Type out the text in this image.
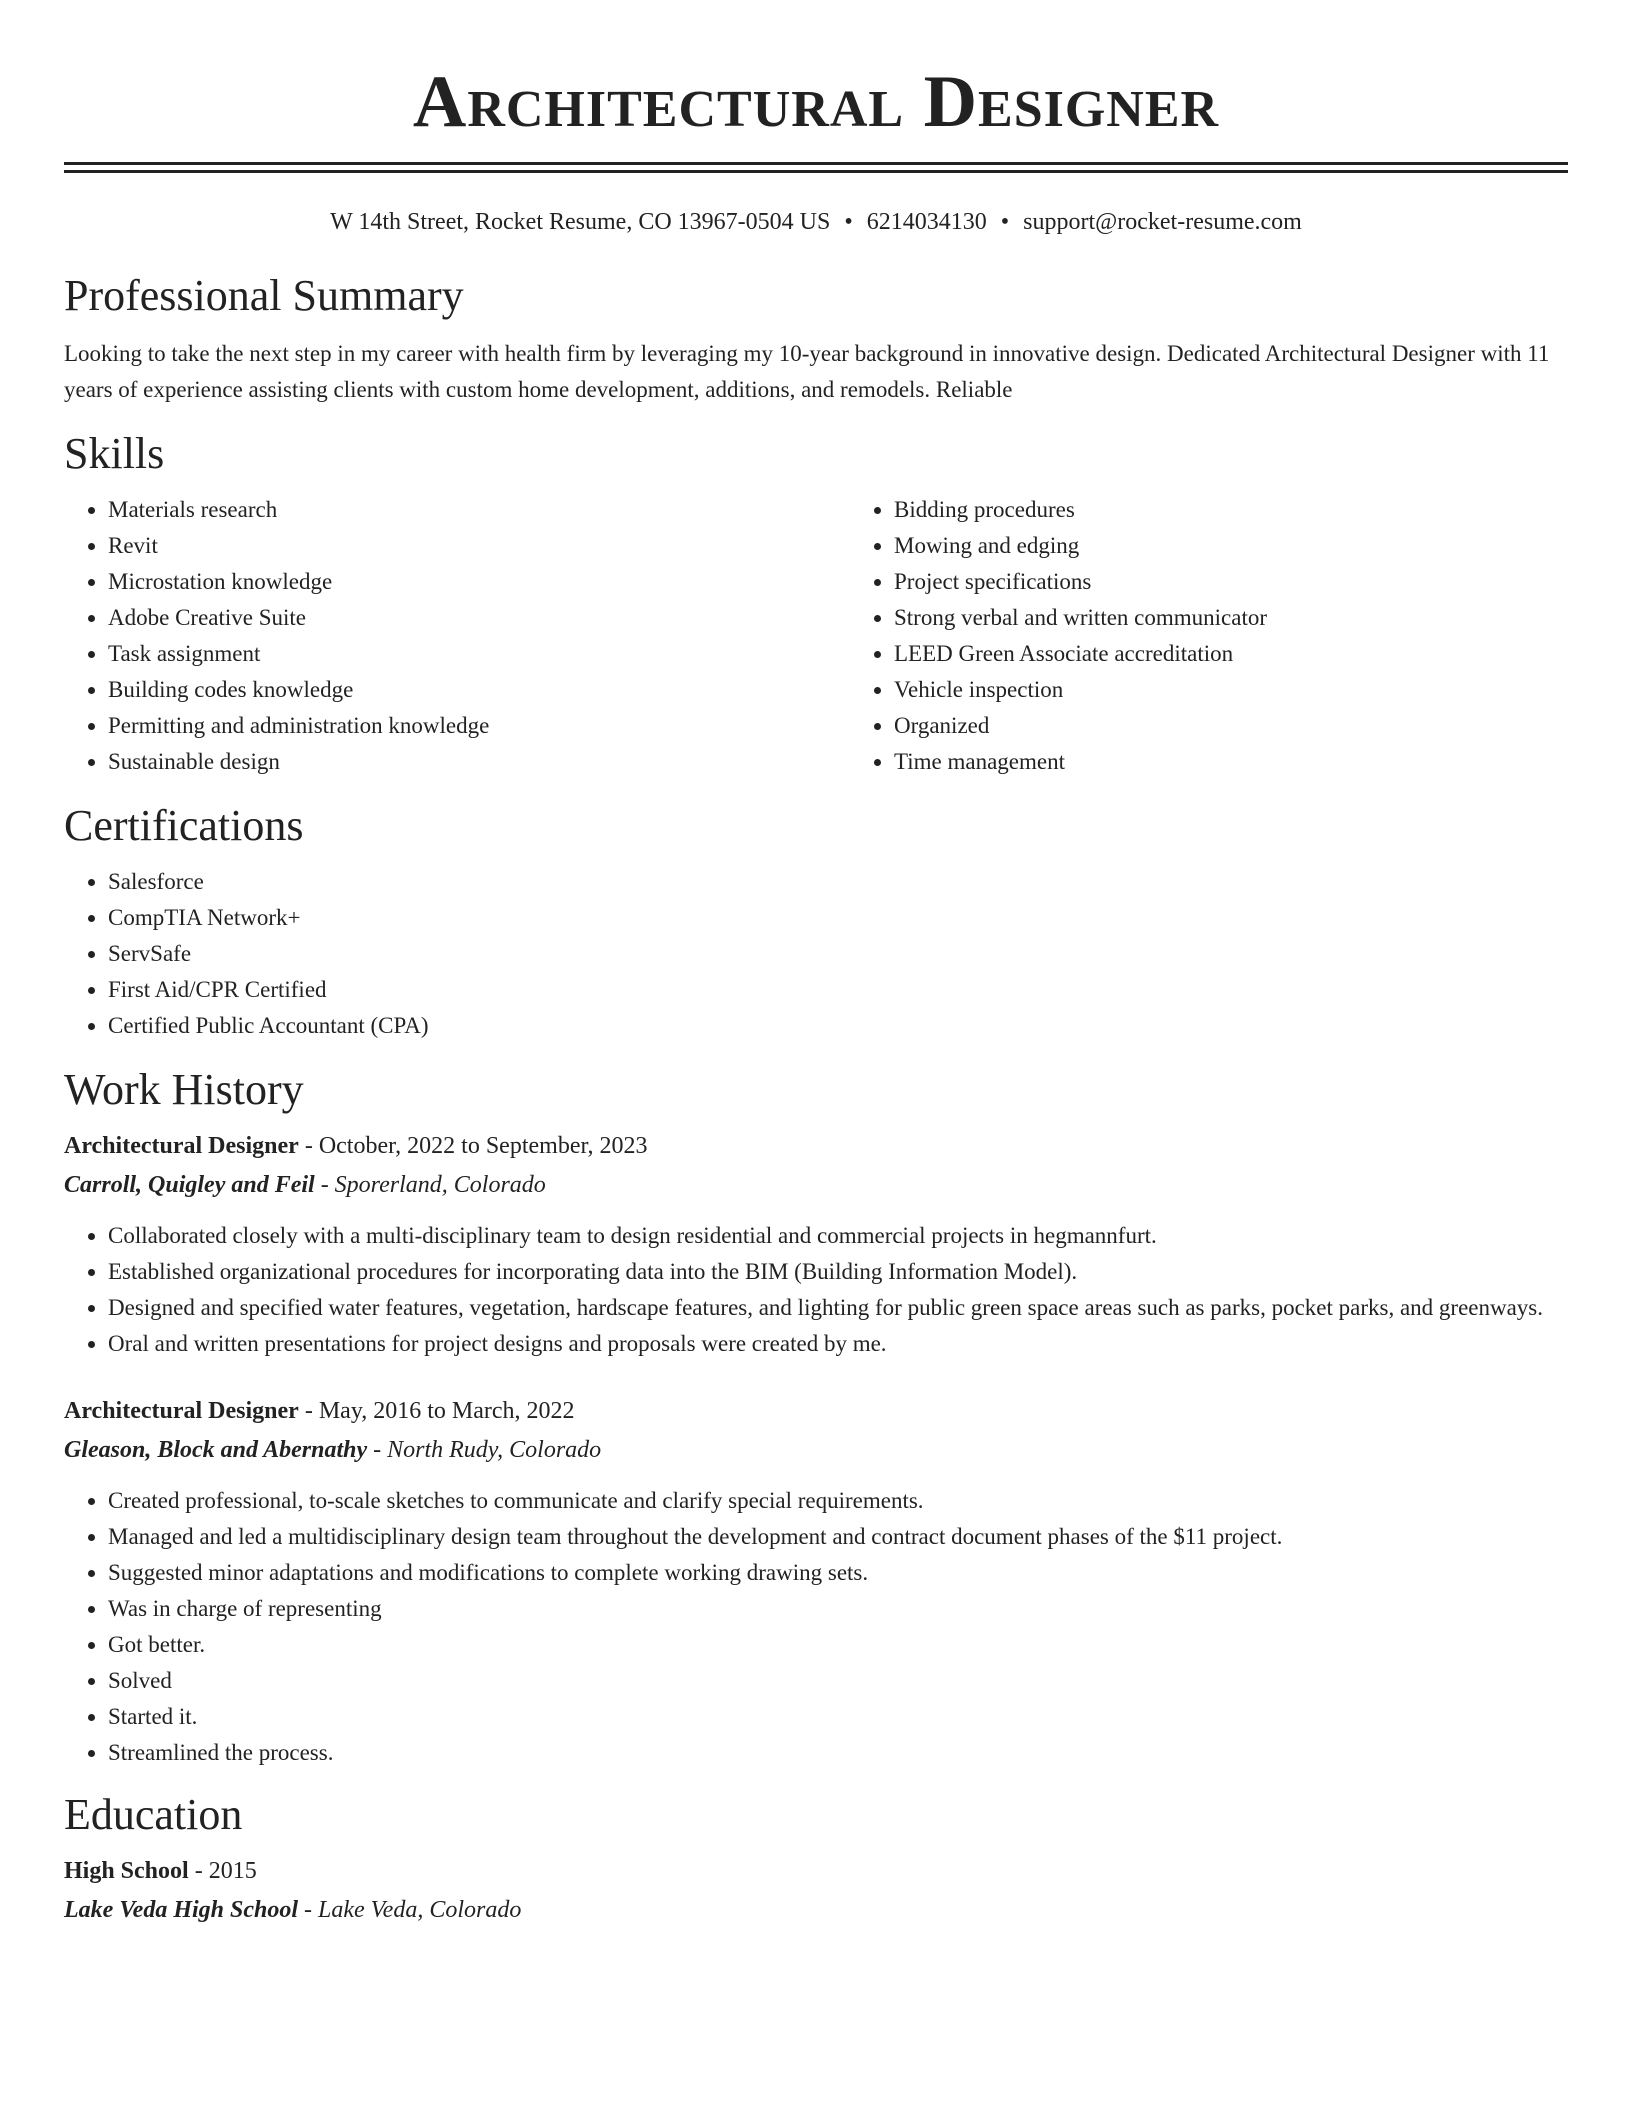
Architectural Designer
W 14th Street, Rocket Resume, CO 13967-0504 US • 6214034130 • support@rocket-resume.com
Professional Summary

Looking to take the next step in my career with health firm by leveraging my 10-year background in innovative design. Dedicated Architectural Designer with 11 years of experience assisting clients with custom home development, additions, and remodels. Reliable

Skills
• Materials research
• Revit
• Microstation knowledge
• Adobe Creative Suite
• Task assignment
• Building codes knowledge
• Permitting and administration knowledge
• Sustainable design
• Bidding procedures
• Mowing and edging
• Project specifications
• Strong verbal and written communicator
• LEED Green Associate accreditation
• Vehicle inspection
• Organized
• Time management
Certifications
• Salesforce
• CompTIA Network+
• ServSafe
• First Aid/CPR Certified
• Certified Public Accountant (CPA)
Work History
Architectural Designer - October, 2022 to September, 2023
Carroll, Quigley and Feil - Sporerland, Colorado
• Collaborated closely with a multi-disciplinary team to design residential and commercial projects in hegmannfurt.
• Established organizational procedures for incorporating data into the BIM (Building Information Model).
• Designed and specified water features, vegetation, hardscape features, and lighting for public green space areas such as parks, pocket parks, and greenways.
• Oral and written presentations for project designs and proposals were created by me.
Architectural Designer - May, 2016 to March, 2022
Gleason, Block and Abernathy - North Rudy, Colorado
• Created professional, to-scale sketches to communicate and clarify special requirements.
• Managed and led a multidisciplinary design team throughout the development and contract document phases of the $11 project.
• Suggested minor adaptations and modifications to complete working drawing sets.
• Was in charge of representing
• Got better.
• Solved
• Started it.
• Streamlined the process.
Education
High School - 2015
Lake Veda High School - Lake Veda, Colorado
